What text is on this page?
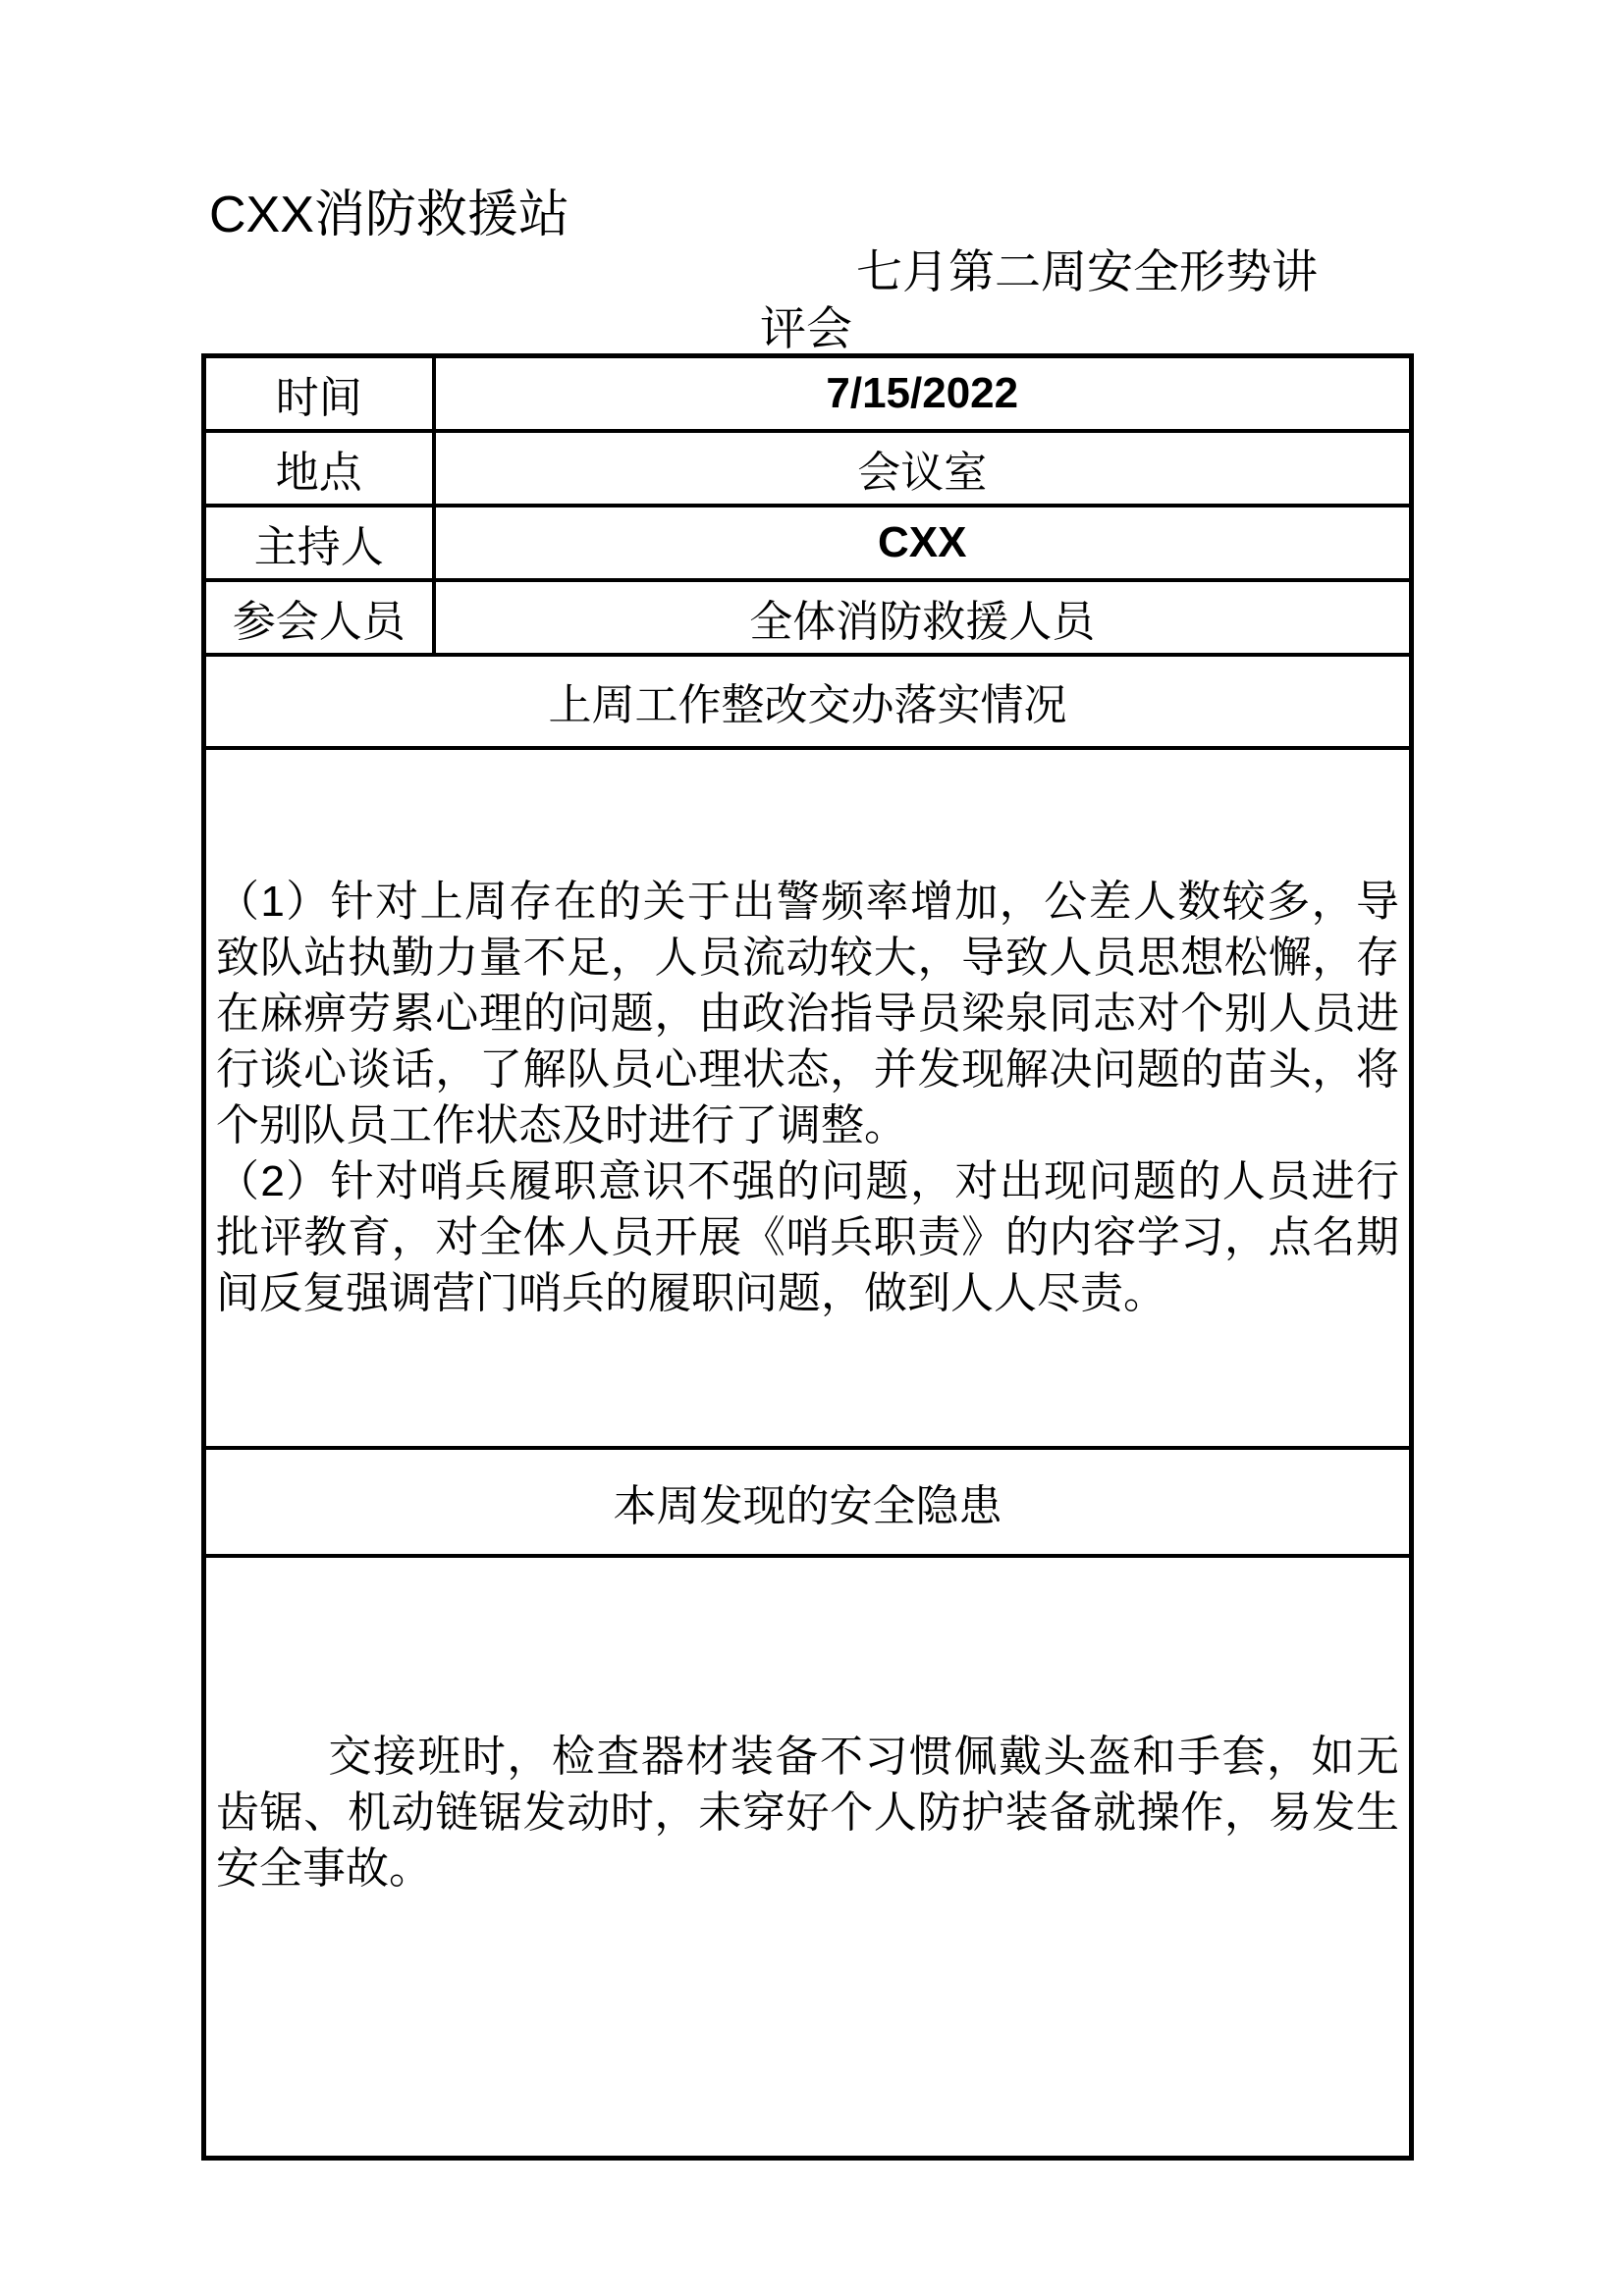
CXX消防救援站
七月第二周安全形势讲
评会
时间	7/15/2022
地点	会议室
主持人	CXX
参会人员	全体消防救援人员
上周工作整改交办落实情况	

（1）针对上周存在的关于出警频率增加，公差人数较多，导致队站执勤力量不足，人员流动较大，导致人员思想松懈，存在麻痹劳累心理的问题，由政治指导员梁泉同志对个别人员进行谈心谈话，了解队员心理状态，并发现解决问题的苗头，将个别队员工作状态及时进行了调整。

（2）针对哨兵履职意识不强的问题，对出现问题的人员进行批评教育，对全体人员开展《哨兵职责》的内容学习，点名期间反复强调营门哨兵的履职问题，做到人人尽责。	

本周发现的安全隐患	

交接班时，检查器材装备不习惯佩戴头盔和手套，如无齿锯、机动链锯发动时，未穿好个人防护装备就操作，易发生安全事故。	
